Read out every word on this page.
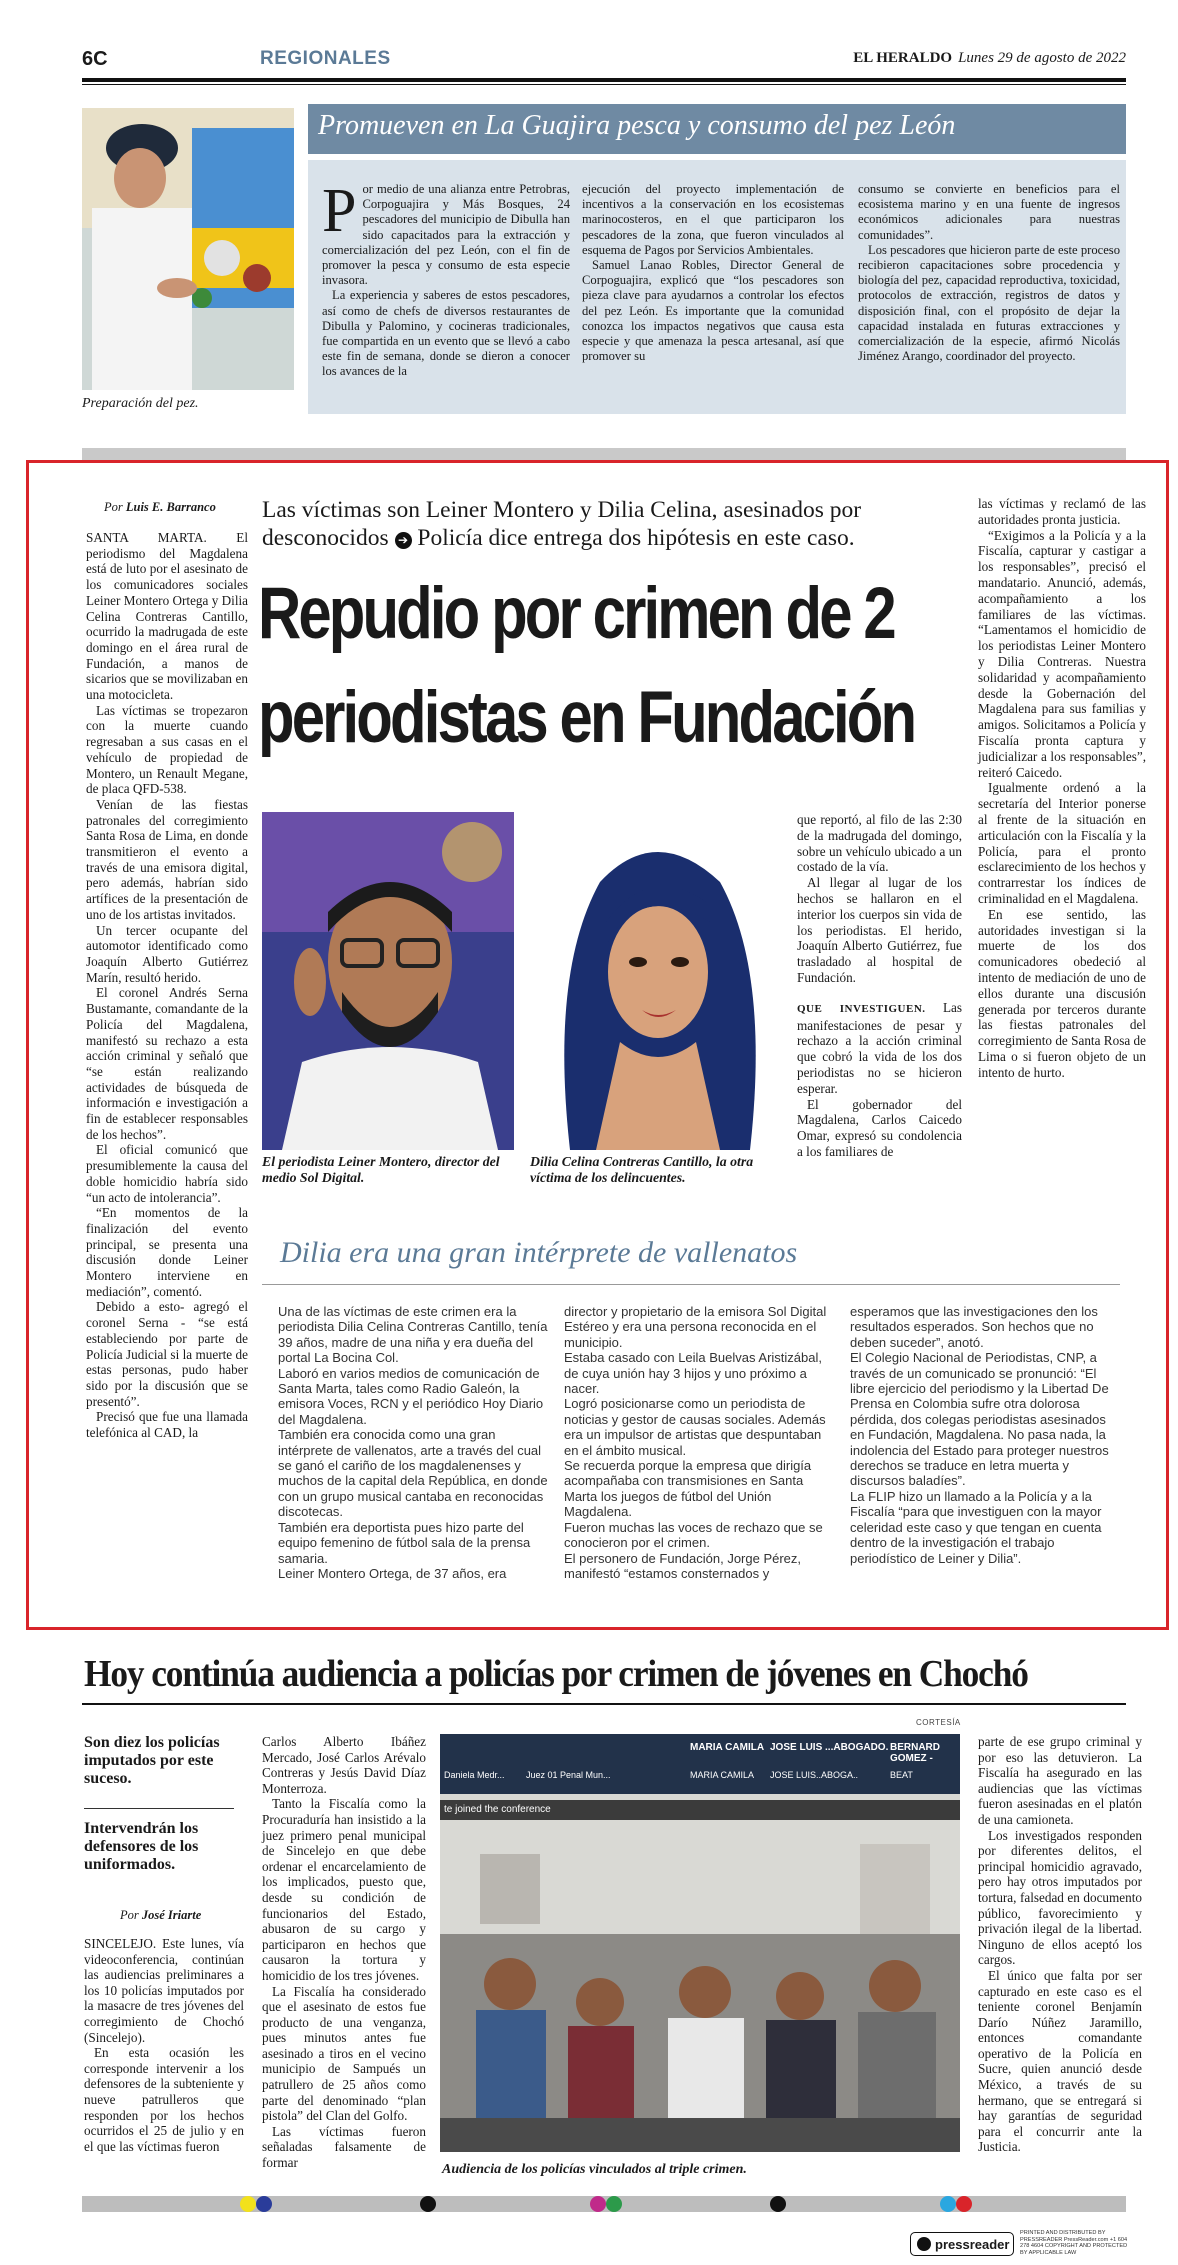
6C	REGIONALES	EL HERALDO Lunes 29 de agosto de 2022
Preparación del pez.
Promueven en La Guajira pesca y consumo del pez León
P or medio de una alianza entre Petrobras, Corpoguajira y Más Bosques, 24 pescadores del municipio de Dibulla han sido capacitados para la extracción y comercialización del pez León, con el fin de promover la pesca y consumo de esta especie invasora.

La experiencia y saberes de estos pescadores, así como de chefs de diversos restaurantes de Dibulla y Palomino, y cocineras tradicionales, fue compartida en un evento que se llevó a cabo este fin de semana, donde se dieron a conocer los avances de la

ejecución del proyecto implementación de incentivos a la conservación en los ecosistemas marinocosteros, en el que participaron los pescadores de la zona, que fueron vinculados al esquema de Pagos por Servicios Ambientales.

Samuel Lanao Robles, Director General de Corpoguajira, explicó que “los pescadores son pieza clave para ayudarnos a controlar los efectos del pez León. Es importante que la comunidad conozca los impactos negativos que causa esta especie y que amenaza la pesca artesanal, así que promover su

consumo se convierte en beneficios para el ecosistema marino y en una fuente de ingresos económicos adicionales para nuestras comunidades”.

Los pescadores que hicieron parte de este proceso recibieron capacitaciones sobre procedencia y biología del pez, capacidad reproductiva, toxicidad, protocolos de extracción, registros de datos y disposición final, con el propósito de dejar la capacidad instalada en futuras extracciones y comercialización de la especie, afirmó Nicolás Jiménez Arango, coordinador del proyecto.

Por Luis E. Barranco

SANTA MARTA. El periodismo del Magdalena está de luto por el asesinato de los comunicadores sociales Leiner Montero Ortega y Dilia Celina Contreras Cantillo, ocurrido la madrugada de este domingo en el área rural de Fundación, a manos de sicarios que se movilizaban en una motocicleta.

Las víctimas se tropezaron con la muerte cuando regresaban a sus casas en el vehículo de propiedad de Montero, un Renault Megane, de placa QFD-538.

Venían de las fiestas patronales del corregimiento Santa Rosa de Lima, en donde transmitieron el evento a través de una emisora digital, pero además, habrían sido artífices de la presentación de uno de los artistas invitados.

Un tercer ocupante del automotor identificado como Joaquín Alberto Gutiérrez Marín, resultó herido.

El coronel Andrés Serna Bustamante, comandante de la Policía del Magdalena, manifestó su rechazo a esta acción criminal y señaló que “se están realizando actividades de búsqueda de información e investigación a fin de establecer responsables de los hechos”.

El oficial comunicó que presumiblemente la causa del doble homicidio habría sido “un acto de intolerancia”.

“En momentos de la finalización del evento principal, se presenta una discusión donde Leiner Montero interviene en mediación”, comentó.

Debido a esto- agregó el coronel Serna - “se está estableciendo por parte de Policía Judicial si la muerte de estas personas, pudo haber sido por la discusión que se presentó”.

Precisó que fue una llamada telefónica al CAD, la

Las víctimas son Leiner Montero y Dilia Celina, asesinados por desconocidos ➔ Policía dice entrega dos hipótesis en este caso.
Repudio por crimen de 2
periodistas en Fundación
El periodista Leiner Montero, director del medio Sol Digital.
Dilia Celina Contreras Cantillo, la otra víctima de los delincuentes.

que reportó, al filo de las 2:30 de la madrugada del domingo, sobre un vehículo ubicado a un costado de la vía.

Al llegar al lugar de los hechos se hallaron en el interior los cuerpos sin vida de los periodistas. El herido, Joaquín Alberto Gutiérrez, fue trasladado al hospital de Fundación.

QUE INVESTIGUEN. Las manifestaciones de pesar y rechazo a la acción criminal que cobró la vida de los dos periodistas no se hicieron esperar.

El gobernador del Magdalena, Carlos Caicedo Omar, expresó su condolencia a los familiares de

las víctimas y reclamó de las autoridades pronta justicia.

“Exigimos a la Policía y a la Fiscalía, capturar y castigar a los responsables”, precisó el mandatario. Anunció, además, acompañamiento a los familiares de las víctimas. “Lamentamos el homicidio de los periodistas Leiner Montero y Dilia Contreras. Nuestra solidaridad y acompañamiento desde la Gobernación del Magdalena para sus familias y amigos. Solicitamos a Policía y Fiscalía pronta captura y judicializar a los responsables”, reiteró Caicedo.

Igualmente ordenó a la secretaría del Interior ponerse al frente de la situación en articulación con la Fiscalía y la Policía, para el pronto esclarecimiento de los hechos y contrarrestar los índices de criminalidad en el Magdalena.

En ese sentido, las autoridades investigan si la muerte de los dos comunicadores obedeció al intento de mediación de uno de ellos durante una discusión generada por terceros durante las fiestas patronales del corregimiento de Santa Rosa de Lima o si fueron objeto de un intento de hurto.

Dilia era una gran intérprete de vallenatos

Una de las víctimas de este crimen era la periodista Dilia Celina Contreras Cantillo, tenía 39 años, madre de una niña y era dueña del portal La Bocina Col.

Laboró en varios medios de comunicación de Santa Marta, tales como Radio Galeón, la emisora Voces, RCN y el periódico Hoy Diario del Magdalena.

También era conocida como una gran intérprete de vallenatos, arte a través del cual se ganó el cariño de los magdalenenses y muchos de la capital dela República, en donde con un grupo musical cantaba en reconocidas discotecas.

También era deportista pues hizo parte del equipo femenino de fútbol sala de la prensa samaria.

Leiner Montero Ortega, de 37 años, era

director y propietario de la emisora Sol Digital Estéreo y era una persona reconocida en el municipio.

Estaba casado con Leila Buelvas Aristizábal, de cuya unión hay 3 hijos y uno próximo a nacer.

Logró posicionarse como un periodista de noticias y gestor de causas sociales. Además era un impulsor de artistas que despuntaban en el ámbito musical.

Se recuerda porque la empresa que dirigía acompañaba con transmisiones en Santa Marta los juegos de fútbol del Unión Magdalena.

Fueron muchas las voces de rechazo que se conocieron por el crimen.

El personero de Fundación, Jorge Pérez, manifestó “estamos consternados y

esperamos que las investigaciones den los resultados esperados. Son hechos que no deben suceder”, anotó.

El Colegio Nacional de Periodistas, CNP, a través de un comunicado se pronunció: “El libre ejercicio del periodismo y la Libertad De Prensa en Colombia sufre otra dolorosa pérdida, dos colegas periodistas asesinados en Fundación, Magdalena. No pasa nada, la indolencia del Estado para proteger nuestros derechos se traduce en letra muerta y discursos baladíes”.

La FLIP hizo un llamado a la Policía y a la Fiscalía “para que investiguen con la mayor celeridad este caso y que tengan en cuenta dentro de la investigación el trabajo periodístico de Leiner y Dilia”.

Hoy continúa audiencia a policías por crimen de jóvenes en Chochó
Son diez los policías imputados por este suceso.
Intervendrán los defensores de los uniformados.
Por José Iriarte

SINCELEJO. Este lunes, vía videoconferencia, continúan las audiencias preliminares a los 10 policías imputados por la masacre de tres jóvenes del corregimiento de Chochó (Sincelejo).

En esta ocasión les corresponde intervenir a los defensores de la subteniente y nueve patrulleros que responden por los hechos ocurridos el 25 de julio y en el que las víctimas fueron

Carlos Alberto Ibáñez Mercado, José Carlos Arévalo Contreras y Jesús David Díaz Monterroza.

Tanto la Fiscalía como la Procuraduría han insistido a la juez primero penal municipal de Sincelejo en que debe ordenar el encarcelamiento de los implicados, puesto que, desde su condición de funcionarios del Estado, abusaron de su cargo y participaron en hechos que causaron la tortura y homicidio de los tres jóvenes.

La Fiscalía ha considerado que el asesinato de estos fue producto de una venganza, pues minutos antes fue asesinado a tiros en el vecino municipio de Sampués un patrullero de 25 años como parte del denominado “plan pistola” del Clan del Golfo.

Las víctimas fueron señaladas falsamente de formar

CORTESÍA
Daniela Medr... Juez 01 Penal Mun...
MARIA CAMILA JOSE LUIS ...ABOGADO. BERNARD GOMEZ -
MARIA CAMILA JOSE LUIS..ABOGA..	BEAT
te joined the conference
Audiencia de los policías vinculados al triple crimen.

parte de ese grupo criminal y por eso las detuvieron. La Fiscalía ha asegurado en las audiencias que las víctimas fueron asesinadas en el platón de una camioneta.

Los investigados responden por diferentes delitos, el principal homicidio agravado, pero hay otros imputados por tortura, falsedad en documento público, favorecimiento y privación ilegal de la libertad. Ninguno de ellos aceptó los cargos.

El único que falta por ser capturado en este caso es el teniente coronel Benjamín Darío Núñez Jaramillo, entonces comandante operativo de la Policía en Sucre, quien anunció desde México, a través de su hermano, que se entregará si hay garantías de seguridad para el concurrir ante la Justicia.

pressreader
PRINTED AND DISTRIBUTED BY PRESSREADER PressReader.com +1 604 278 4604 COPYRIGHT AND PROTECTED BY APPLICABLE LAW
